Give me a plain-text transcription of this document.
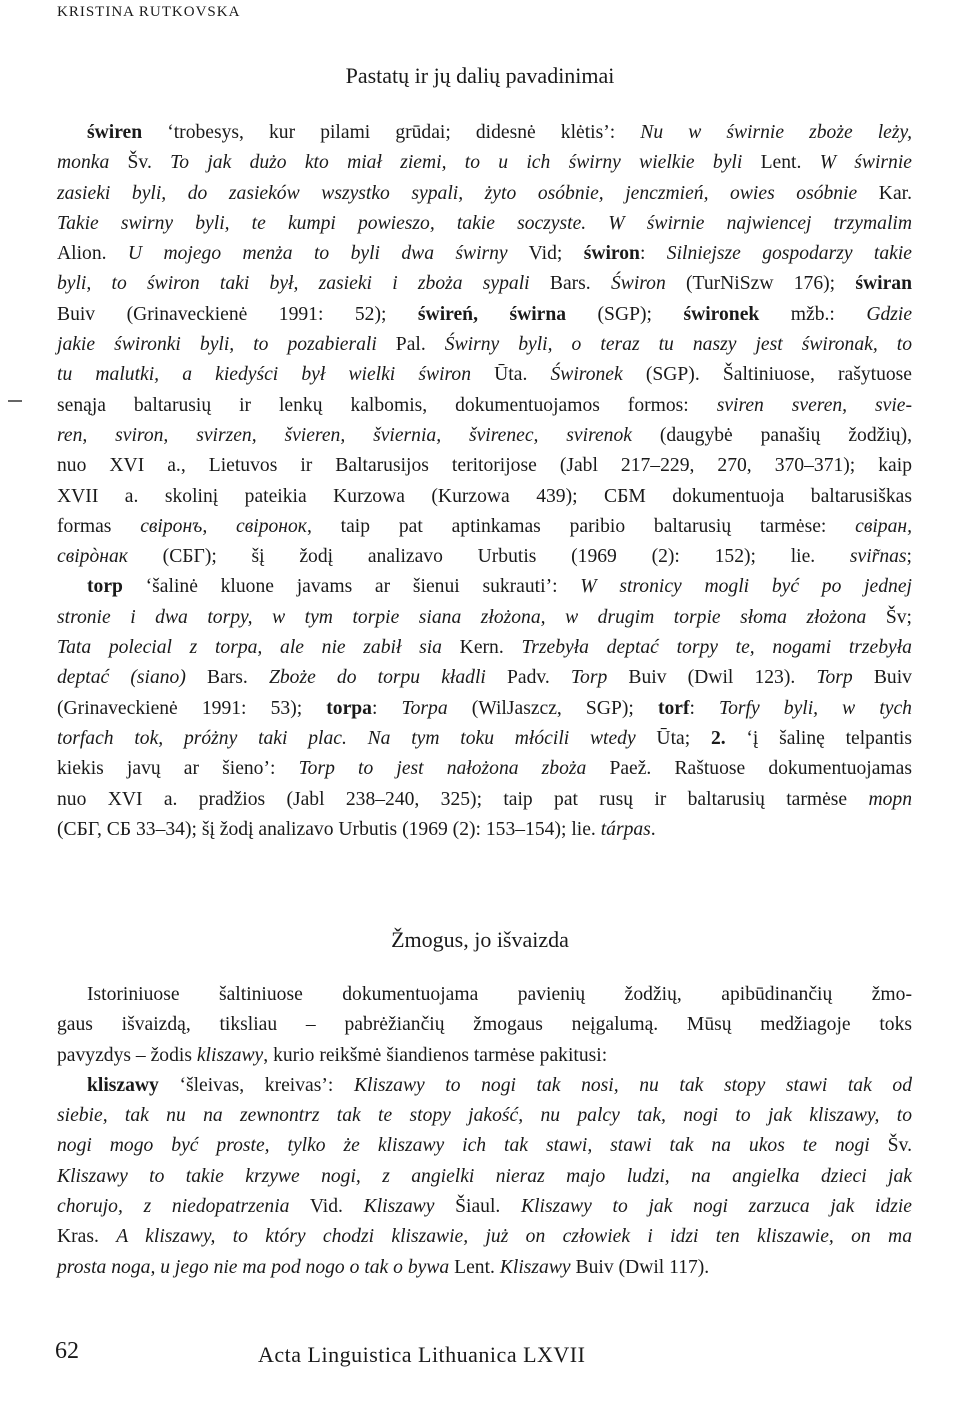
KRISTINA RUTKOVSKA
Pastatų ir jų dalių pavadinimai
świren ‘trobesys, kur pilami grūdai; didesnė klėtis’: Nu w świrnie zboże leży,
monka Šv. To jak dużo kto miał ziemi, to u ich świrny wielkie byli Lent. W świrnie
zasieki byli, do zasieków wszystko sypali, żyto osóbnie, jenczmień, owies osóbnie Kar.
Takie swirny byli, te kumpi powieszo, takie soczyste. W świrnie najwiencej trzymalim
Alion. U mojego menża to byli dwa świrny Vid; świron: Silniejsze gospodarzy takie
byli, to świron taki był, zasieki i zboża sypali Bars. Świron (TurNiSzw 176); świran
Buiv (Grinaveckienė 1991: 52); świreń, świrna (SGP); świronek mžb.: Gdzie
jakie świronki byli, to pozabierali Pal. Świrny byli, o teraz tu naszy jest świronak, to
tu malutki, a kiedyści był wielki świron Ūta. Świronek (SGP). Šaltiniuose, rašytuose
senąja baltarusių ir lenkų kalbomis, dokumentuojamos formos: sviren sveren, svie-
ren, sviron, svirzen, švieren, šviernia, švirenec, svirenok (daugybė panašių žodžių),
nuo XVI a., Lietuvos ir Baltarusijos teritorijose (Jabl 217–229, 270, 370–371); kaip
XVII a. skolinį pateikia Kurzowa (Kurzowa 439); СБМ dokumentuoja baltarusiškas
formas свіронъ, свіронок, taip pat aptinkamas paribio baltarusių tarmėse: свіран,
свірòнак (СБГ); šį žodį analizavo Urbutis (1969 (2): 152); lie. svir̃nas;
torp ‘šalinė kluone javams ar šienui sukrauti’: W stronicy mogli być po jednej
stronie i dwa torpy, w tym torpie siana złożona, w drugim torpie słoma złożona Šv;
Tata polecial z torpa, ale nie zabił sia Kern. Trzebyła deptać torpy te, nogami trzebyła
deptać (siano) Bars. Zboże do torpu kładli Padv. Torp Buiv (Dwil 123). Torp Buiv
(Grinaveckienė 1991: 53); torpa: Torpa (WilJaszcz, SGP); torf: Torfy byli, w tych
torfach tok, próżny taki plac. Na tym toku młócili wtedy Ūta; 2. ‘į šalinę telpantis
kiekis javų ar šieno’: Torp to jest nałożona zboża Paež. Raštuose dokumentuojamas
nuo XVI a. pradžios (Jabl 238–240, 325); taip pat rusų ir baltarusių tarmėse торп
(СБГ, СБ 33–34); šį žodį analizavo Urbutis (1969 (2): 153–154); lie. tárpas.
Žmogus, jo išvaizda
Istoriniuose šaltiniuose dokumentuojama pavienių žodžių, apibūdinančių žmo-
gaus išvaizdą, tiksliau – pabrėžiančių žmogaus neįgalumą. Mūsų medžiagoje toks
pavyzdys – žodis kliszawy, kurio reikšmė šiandienos tarmėse pakitusi:
kliszawy ‘šleivas, kreivas’: Kliszawy to nogi tak nosi, nu tak stopy stawi tak od
siebie, tak nu na zewnontrz tak te stopy jakość, nu palcy tak, nogi to jak kliszawy, to
nogi mogo być proste, tylko że kliszawy ich tak stawi, stawi tak na ukos te nogi Šv.
Kliszawy to takie krzywe nogi, z angielki nieraz majo ludzi, na angielka dzieci jak
chorujo, z niedopatrzenia Vid. Kliszawy Šiaul. Kliszawy to jak nogi zarzuca jak idzie
Kras. A kliszawy, to który chodzi kliszawie, już on człowiek i idzi ten kliszawie, on ma
prosta noga, u jego nie ma pod nogo o tak o bywa Lent. Kliszawy Buiv (Dwil 117).
62	Acta Linguistica Lithuanica LXVII
